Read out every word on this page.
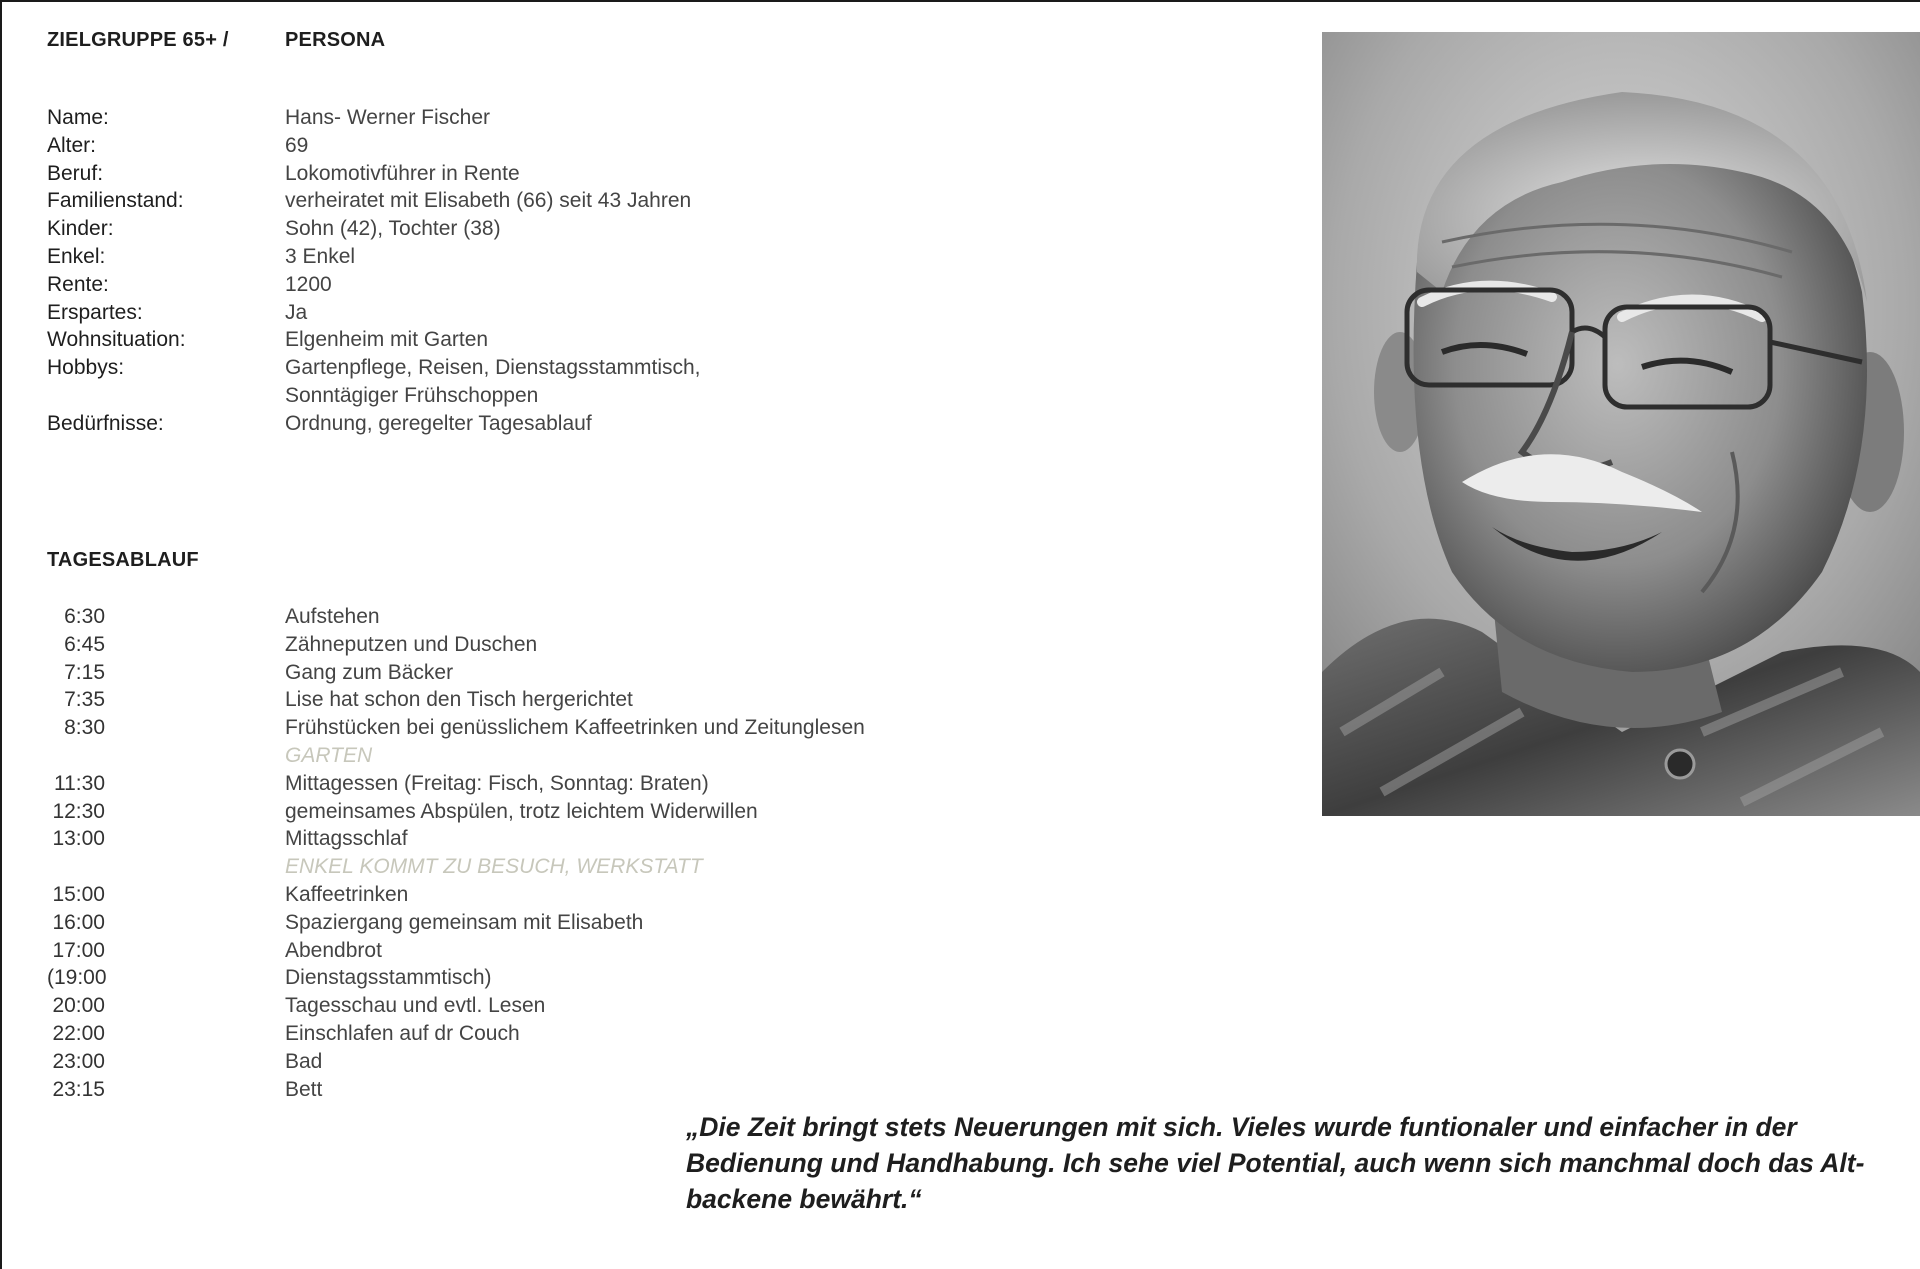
ZIELGRUPPE 65+ /	PERSONA
Name:	Hans- Werner Fischer
Alter:	69
Beruf:	Lokomotivführer in Rente
Familienstand:	verheiratet mit Elisabeth (66) seit 43 Jahren
Kinder:	Sohn (42), Tochter (38)
Enkel:	3 Enkel
Rente:	1200
Erspartes:	Ja
Wohnsituation:	Elgenheim mit Garten
Hobbys:	Gartenpflege, Reisen, Dienstagsstammtisch,
Sonntägiger Frühschoppen
Bedürfnisse:	Ordnung, geregelter Tagesablauf
TAGESABLAUF
6:30	Aufstehen
6:45	Zähneputzen und Duschen
7:15	Gang zum Bäcker
7:35	Lise hat schon den Tisch hergerichtet
8:30	Frühstücken bei genüsslichem Kaffeetrinken und Zeitunglesen
GARTEN
11:30	Mittagessen (Freitag: Fisch, Sonntag: Braten)
12:30	gemeinsames Abspülen, trotz leichtem Widerwillen
13:00	Mittagsschlaf
ENKEL KOMMT ZU BESUCH, WERKSTATT
15:00	Kaffeetrinken
16:00	Spaziergang gemeinsam mit Elisabeth
17:00	Abendbrot
(19:00	Dienstagsstammtisch)
20:00	Tagesschau und evtl. Lesen
22:00	Einschlafen auf dr Couch
23:00	Bad
23:15	Bett
„Die Zeit bringt stets Neuerungen mit sich. Vieles wurde funtionaler und einfacher in der Bedienung und Handhabung. Ich sehe viel Potential, auch wenn sich manchmal doch das Alt-backene bewährt.“
